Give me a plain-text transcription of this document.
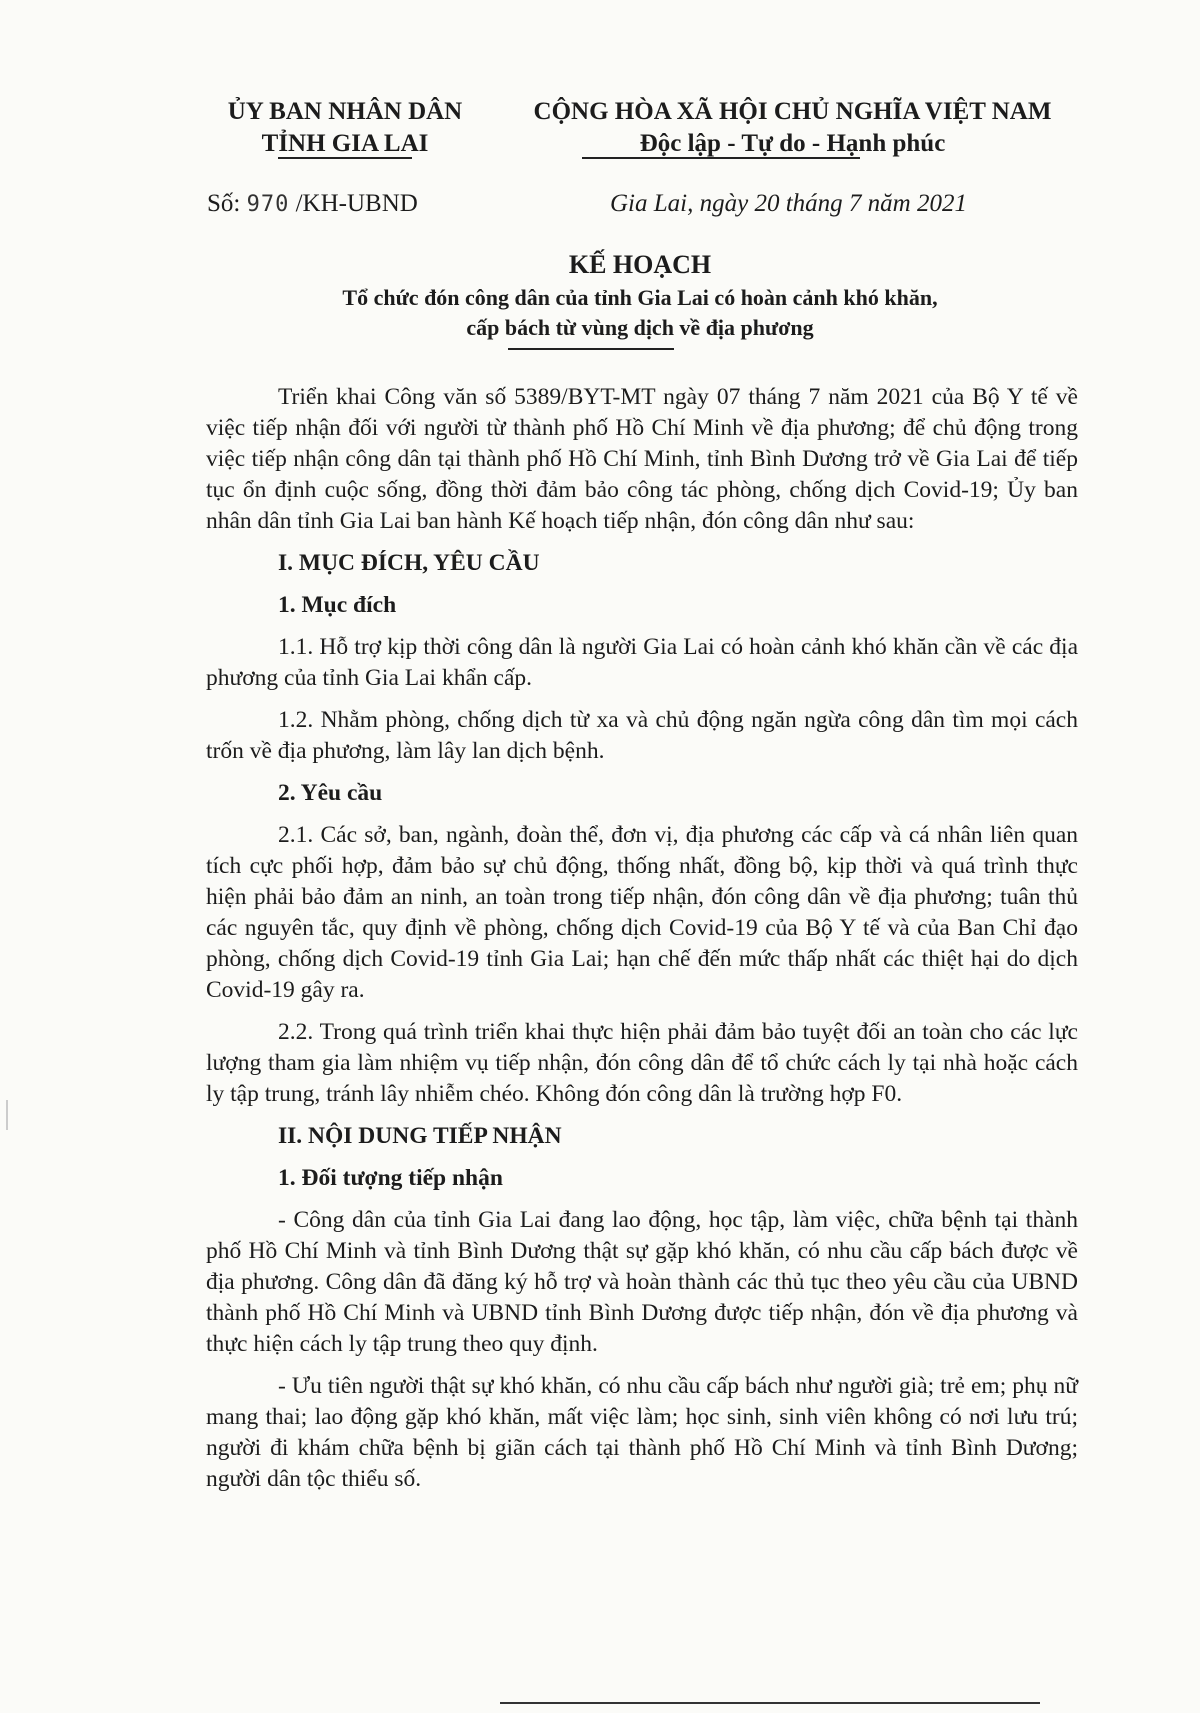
ỦY BAN NHÂN DÂN
TỈNH GIA LAI
CỘNG HÒA XÃ HỘI CHỦ NGHĨA VIỆT NAM
Độc lập - Tự do - Hạnh phúc
Số: 970 /KH-UBND	Gia Lai, ngày 20 tháng 7 năm 2021
KẾ HOẠCH
Tổ chức đón công dân của tỉnh Gia Lai có hoàn cảnh khó khăn,
cấp bách từ vùng dịch về địa phương

Triển khai Công văn số 5389/BYT-MT ngày 07 tháng 7 năm 2021 của Bộ Y tế về việc tiếp nhận đối với người từ thành phố Hồ Chí Minh về địa phương; để chủ động trong việc tiếp nhận công dân tại thành phố Hồ Chí Minh, tỉnh Bình Dương trở về Gia Lai để tiếp tục ổn định cuộc sống, đồng thời đảm bảo công tác phòng, chống dịch Covid-19; Ủy ban nhân dân tỉnh Gia Lai ban hành Kế hoạch tiếp nhận, đón công dân như sau:

I. MỤC ĐÍCH, YÊU CẦU
1. Mục đích

1.1. Hỗ trợ kịp thời công dân là người Gia Lai có hoàn cảnh khó khăn cần về các địa phương của tỉnh Gia Lai khẩn cấp.

1.2. Nhằm phòng, chống dịch từ xa và chủ động ngăn ngừa công dân tìm mọi cách trốn về địa phương, làm lây lan dịch bệnh.

2. Yêu cầu

2.1. Các sở, ban, ngành, đoàn thể, đơn vị, địa phương các cấp và cá nhân liên quan tích cực phối hợp, đảm bảo sự chủ động, thống nhất, đồng bộ, kịp thời và quá trình thực hiện phải bảo đảm an ninh, an toàn trong tiếp nhận, đón công dân về địa phương; tuân thủ các nguyên tắc, quy định về phòng, chống dịch Covid-19 của Bộ Y tế và của Ban Chỉ đạo phòng, chống dịch Covid-19 tỉnh Gia Lai; hạn chế đến mức thấp nhất các thiệt hại do dịch Covid-19 gây ra.

2.2. Trong quá trình triển khai thực hiện phải đảm bảo tuyệt đối an toàn cho các lực lượng tham gia làm nhiệm vụ tiếp nhận, đón công dân để tổ chức cách ly tại nhà hoặc cách ly tập trung, tránh lây nhiễm chéo. Không đón công dân là trường hợp F0.

II. NỘI DUNG TIẾP NHẬN
1. Đối tượng tiếp nhận

- Công dân của tỉnh Gia Lai đang lao động, học tập, làm việc, chữa bệnh tại thành phố Hồ Chí Minh và tỉnh Bình Dương thật sự gặp khó khăn, có nhu cầu cấp bách được về địa phương. Công dân đã đăng ký hỗ trợ và hoàn thành các thủ tục theo yêu cầu của UBND thành phố Hồ Chí Minh và UBND tỉnh Bình Dương được tiếp nhận, đón về địa phương và thực hiện cách ly tập trung theo quy định.

- Ưu tiên người thật sự khó khăn, có nhu cầu cấp bách như người già; trẻ em; phụ nữ mang thai; lao động gặp khó khăn, mất việc làm; học sinh, sinh viên không có nơi lưu trú; người đi khám chữa bệnh bị giãn cách tại thành phố Hồ Chí Minh và tỉnh Bình Dương; người dân tộc thiểu số.
